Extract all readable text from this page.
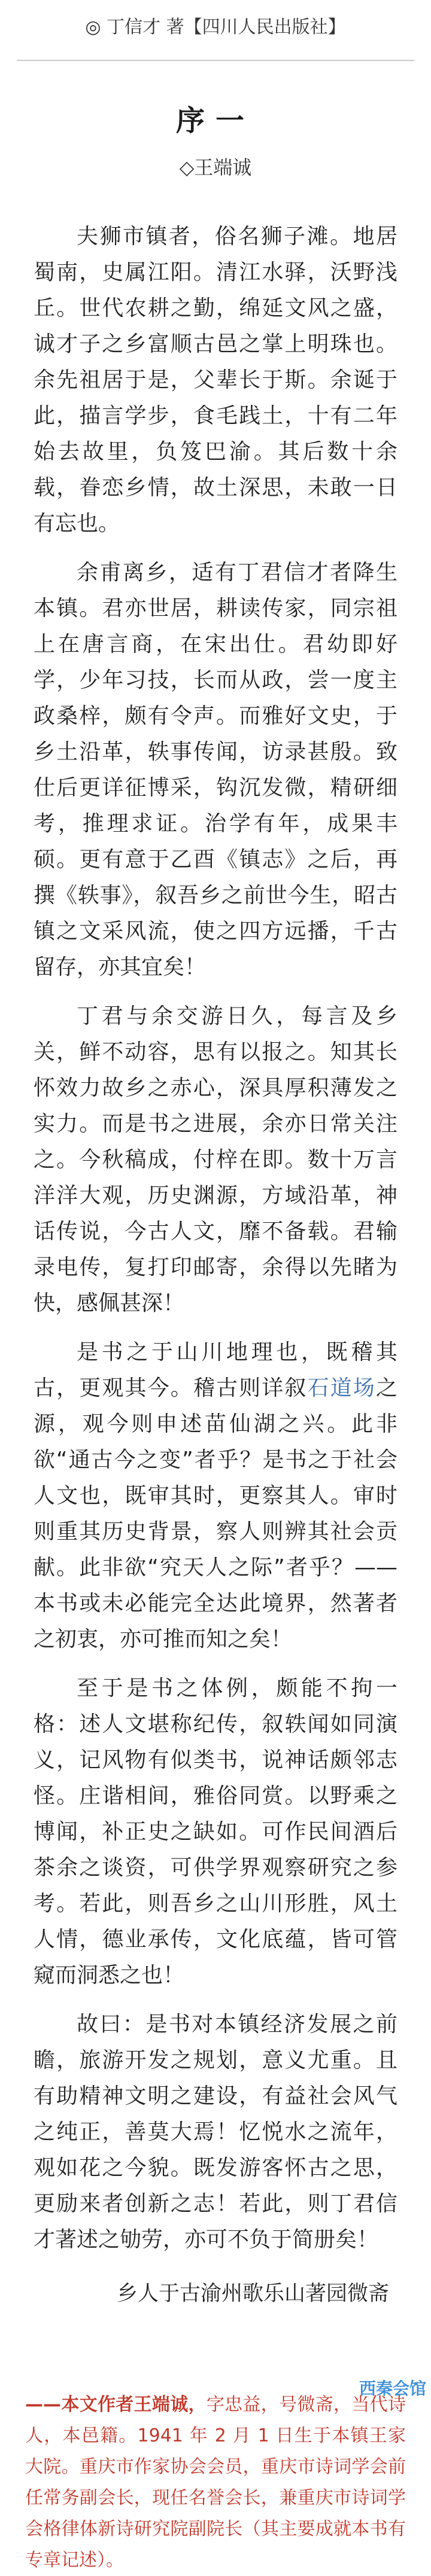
◎ 丁信才 著【四川人民出版社】
序一
◇王端诚

夫狮市镇者，俗名狮子滩。地居蜀南，史属江阳。清江水驿，沃野浅丘。世代农耕之勤，绵延文风之盛，诚才子之乡富顺古邑之掌上明珠也。余先祖居于是，父辈长于斯。余诞于此，描言学步，食毛践土，十有二年始去故里，负笈巴渝。其后数十余载，眷恋乡情，故土深思，未敢一日有忘也。

余甫离乡，适有丁君信才者降生本镇。君亦世居，耕读传家，同宗祖上在唐言商，在宋出仕。君幼即好学，少年习技，长而从政，尝一度主政桑梓，颇有令声。而雅好文史，于乡土沿革，轶事传闻，访录甚殷。致仕后更详征博采，钩沉发微，精研细考，推理求证。治学有年，成果丰硕。更有意于乙酉《镇志》之后，再撰《轶事》，叙吾乡之前世今生，昭古镇之文采风流，使之四方远播，千古留存，亦其宜矣！

丁君与余交游日久，每言及乡关，鲜不动容，思有以报之。知其长怀效力故乡之赤心，深具厚积薄发之实力。而是书之进展，余亦日常关注之。今秋稿成，付梓在即。数十万言洋洋大观，历史渊源，方域沿革，神话传说，今古人文，靡不备载。君输录电传，复打印邮寄，余得以先睹为快，感佩甚深！

是书之于山川地理也，既稽其古，更观其今。稽古则详叙石道场之源，观今则申述苗仙湖之兴。此非欲“通古今之变”者乎？是书之于社会人文也，既审其时，更察其人。审时则重其历史背景，察人则辨其社会贡献。此非欲“究天人之际”者乎？——本书或未必能完全达此境界，然著者之初衷，亦可推而知之矣！

至于是书之体例，颇能不拘一格：述人文堪称纪传，叙轶闻如同演义，记风物有似类书，说神话颇邻志怪。庄谐相间，雅俗同赏。以野乘之博闻，补正史之缺如。可作民间酒后茶余之谈资，可供学界观察研究之参考。若此，则吾乡之山川形胜，风土人情，德业承传，文化底蕴，皆可管窥而洞悉之也！

故曰：是书对本镇经济发展之前瞻，旅游开发之规划，意义尤重。且有助精神文明之建设，有益社会风气之纯正，善莫大焉！忆悦水之流年，观如花之今貌。既发游客怀古之思，更励来者创新之志！若此，则丁君信才著述之劬劳，亦可不负于简册矣！

乡人于古渝州歌乐山著园微斋
——本文作者王端诚，字忠益，号微斋，当代诗人，本邑籍。1941 年 2 月 1 日生于本镇王家大院。重庆市作家协会会员，重庆市诗词学会前任常务副会长，现任名誉会长，兼重庆市诗词学会格律体新诗研究院副院长（其主要成就本书有专章记述）。
西秦会馆
